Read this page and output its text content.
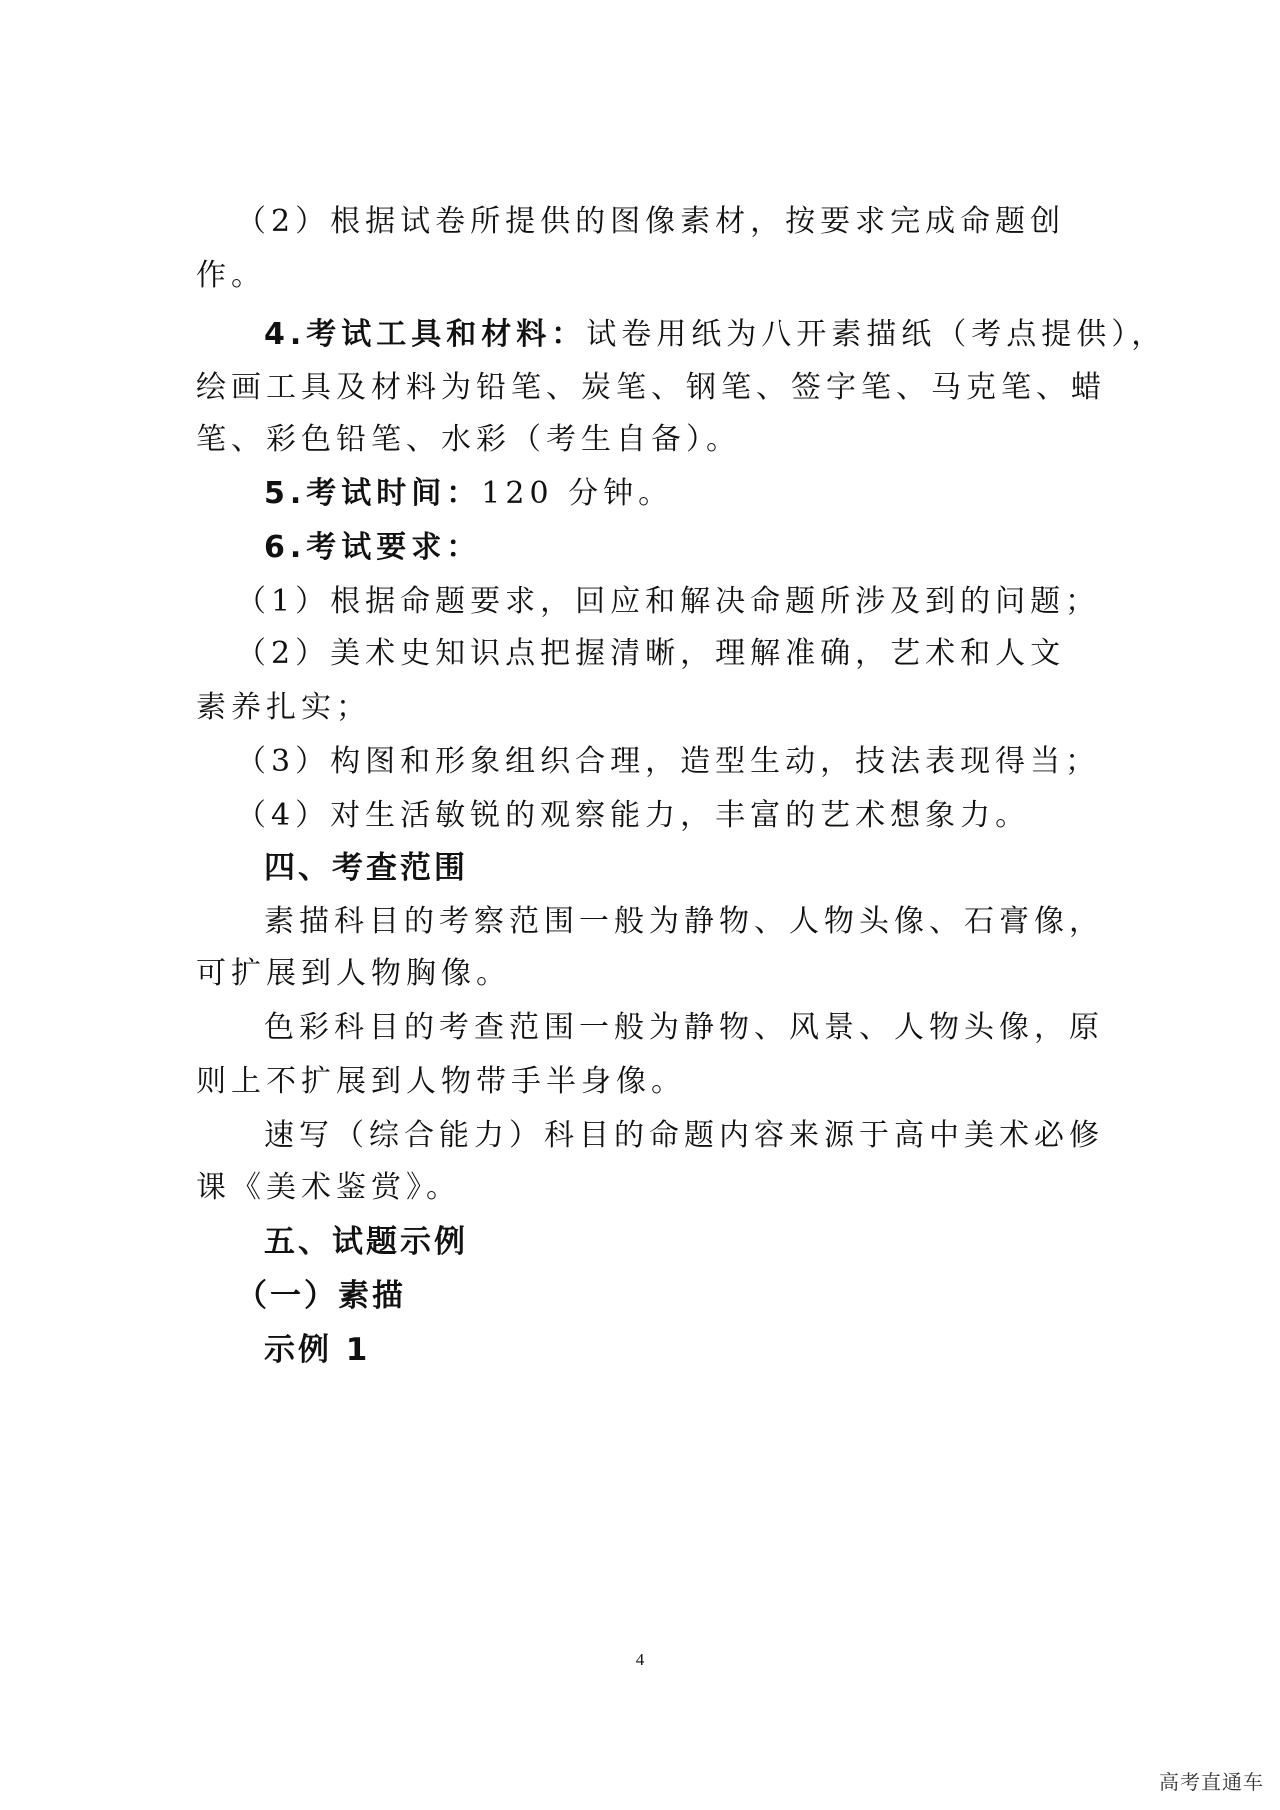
（2）根据试卷所提供的图像素材，按要求完成命题创
作。
4.考试工具和材料：试卷用纸为八开素描纸（考点提供），
绘画工具及材料为铅笔、炭笔、钢笔、签字笔、马克笔、蜡
笔、彩色铅笔、水彩（考生自备）。
5.考试时间：120 分钟。
6.考试要求：
（1）根据命题要求，回应和解决命题所涉及到的问题；
（2）美术史知识点把握清晰，理解准确，艺术和人文
素养扎实；
（3）构图和形象组织合理，造型生动，技法表现得当；
（4）对生活敏锐的观察能力，丰富的艺术想象力。
四、考查范围
素描科目的考察范围一般为静物、人物头像、石膏像，
可扩展到人物胸像。
色彩科目的考查范围一般为静物、风景、人物头像，原
则上不扩展到人物带手半身像。
速写（综合能力）科目的命题内容来源于高中美术必修
课《美术鉴赏》。
五、试题示例
（一）素描
示例 1
4
高考直通车
